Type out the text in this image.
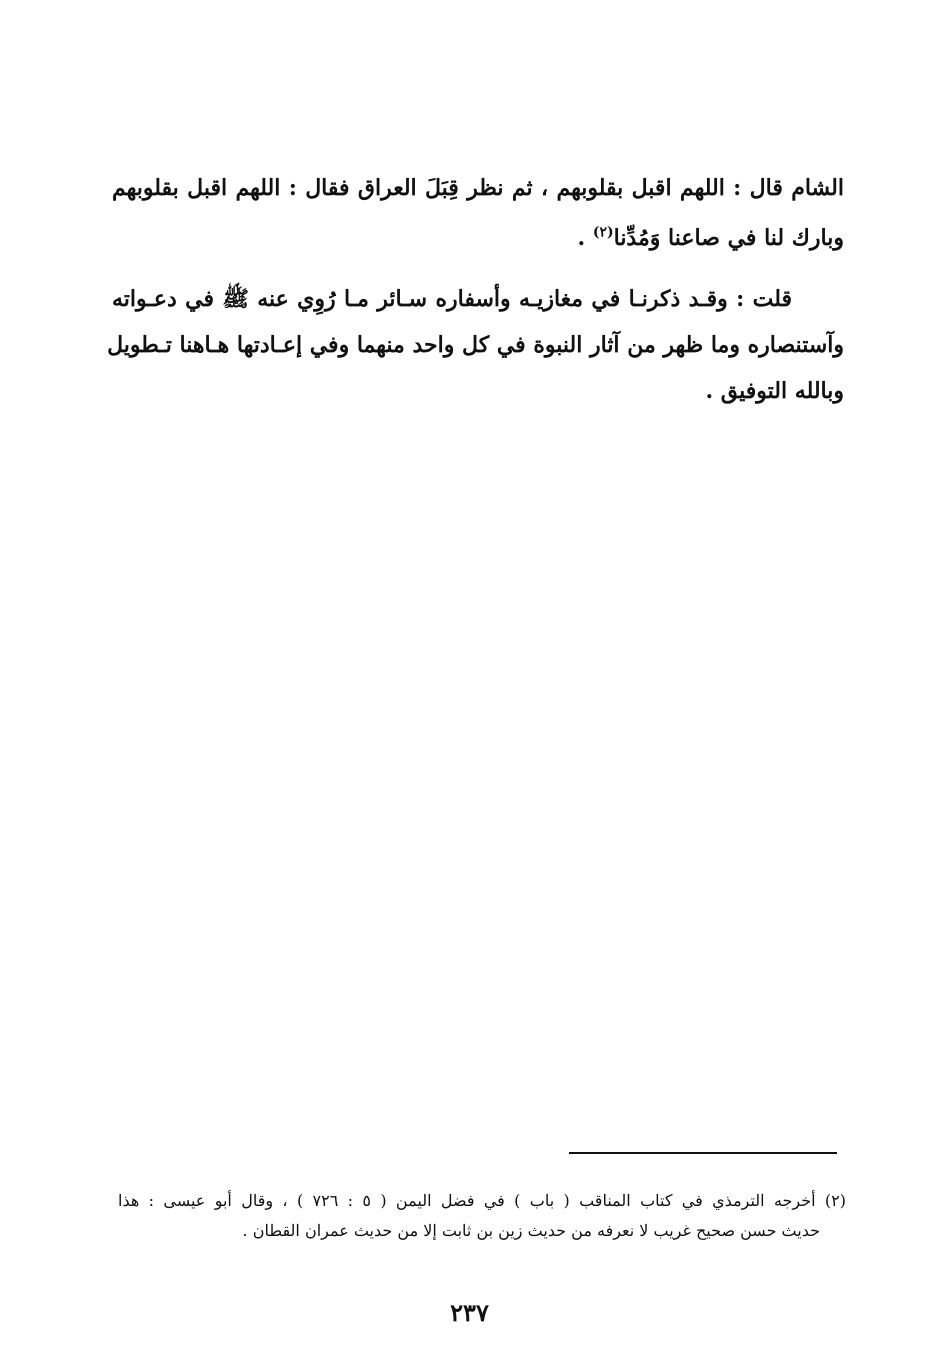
الشام قال : اللهم اقبل بقلوبهم ، ثم نظر قِبَلَ العراق فقال : اللهم اقبل بقلوبهم
وبارك لنا في صاعنا وَمُدِّنا$^{(٢)}$ .
قلت : وقـد ذكرنـا في مغازيـه وأسفاره سـائر مـا رُوِي عنه ﷺ في دعـواته
وآستنصاره وما ظهر من آثار النبوة في كل واحد منهما وفي إعـادتها هـاهنا تـطويل
وبالله التوفيق .
(٢) أخرجه الترمذي في كتاب المناقب ( باب ) في فضل اليمن ( ٥ : ٧٢٦ ) ، وقال أبو عيسى : هذا
حديث حسن صحيح غريب لا نعرفه من حديث زين بن ثابت إلا من حديث عمران القطان .
٢٣٧
